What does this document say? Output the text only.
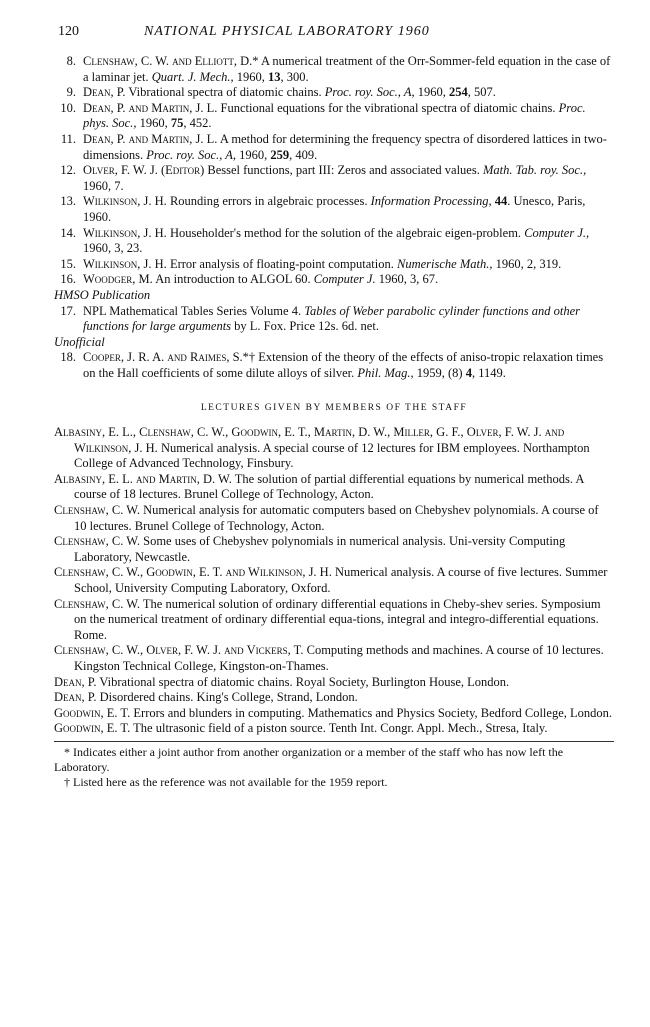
120	NATIONAL PHYSICAL LABORATORY 1960

8. Clenshaw, C. W. and Elliott, D.* A numerical treatment of the Orr-Sommer-feld equation in the case of a laminar jet. Quart. J. Mech., 1960, 13, 300.

9. Dean, P. Vibrational spectra of diatomic chains. Proc. roy. Soc., A, 1960, 254, 507.

10. Dean, P. and Martin, J. L. Functional equations for the vibrational spectra of diatomic chains. Proc. phys. Soc., 1960, 75, 452.

11. Dean, P. and Martin, J. L. A method for determining the frequency spectra of disordered lattices in two-dimensions. Proc. roy. Soc., A, 1960, 259, 409.

12. Olver, F. W. J. (Editor) Bessel functions, part III: Zeros and associated values. Math. Tab. roy. Soc., 1960, 7.

13. Wilkinson, J. H. Rounding errors in algebraic processes. Information Processing, 44. Unesco, Paris, 1960.

14. Wilkinson, J. H. Householder's method for the solution of the algebraic eigen-problem. Computer J., 1960, 3, 23.

15. Wilkinson, J. H. Error analysis of floating-point computation. Numerische Math., 1960, 2, 319.

16. Woodger, M. An introduction to ALGOL 60. Computer J. 1960, 3, 67.

HMSO Publication

17. NPL Mathematical Tables Series Volume 4. Tables of Weber parabolic cylinder functions and other functions for large arguments by L. Fox. Price 12s. 6d. net.

Unofficial

18. Cooper, J. R. A. and Raimes, S.*† Extension of the theory of the effects of aniso-tropic relaxation times on the Hall coefficients of some dilute alloys of silver. Phil. Mag., 1959, (8) 4, 1149.

LECTURES GIVEN BY MEMBERS OF THE STAFF

Albasiny, E. L., Clenshaw, C. W., Goodwin, E. T., Martin, D. W., Miller, G. F., Olver, F. W. J. and Wilkinson, J. H. Numerical analysis. A special course of 12 lectures for IBM employees. Northampton College of Advanced Technology, Finsbury.

Albasiny, E. L. and Martin, D. W. The solution of partial differential equations by numerical methods. A course of 18 lectures. Brunel College of Technology, Acton.

Clenshaw, C. W. Numerical analysis for automatic computers based on Chebyshev polynomials. A course of 10 lectures. Brunel College of Technology, Acton.

Clenshaw, C. W. Some uses of Chebyshev polynomials in numerical analysis. Uni-versity Computing Laboratory, Newcastle.

Clenshaw, C. W., Goodwin, E. T. and Wilkinson, J. H. Numerical analysis. A course of five lectures. Summer School, University Computing Laboratory, Oxford.

Clenshaw, C. W. The numerical solution of ordinary differential equations in Cheby-shev series. Symposium on the numerical treatment of ordinary differential equa-tions, integral and integro-differential equations. Rome.

Clenshaw, C. W., Olver, F. W. J. and Vickers, T. Computing methods and machines. A course of 10 lectures. Kingston Technical College, Kingston-on-Thames.

Dean, P. Vibrational spectra of diatomic chains. Royal Society, Burlington House, London.

Dean, P. Disordered chains. King's College, Strand, London.

Goodwin, E. T. Errors and blunders in computing. Mathematics and Physics Society, Bedford College, London.

Goodwin, E. T. The ultrasonic field of a piston source. Tenth Int. Congr. Appl. Mech., Stresa, Italy.

* Indicates either a joint author from another organization or a member of the staff who has now left the Laboratory.

† Listed here as the reference was not available for the 1959 report.
